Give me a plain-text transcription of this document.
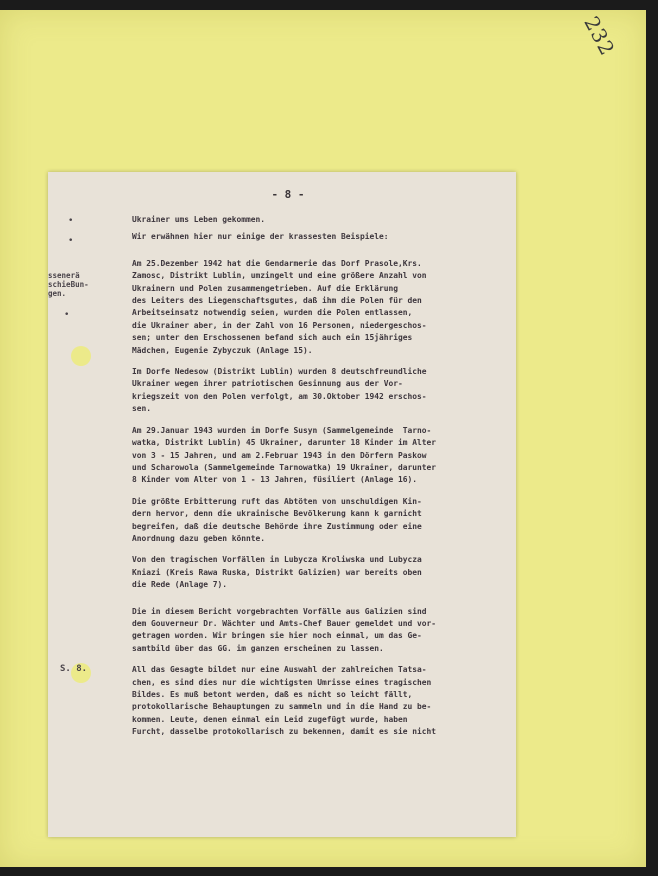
232
- 8 -
•
•
•
ssenerä
schieBun-
gen.
S. 8.

Ukrainer ums Leben gekommen.

Wir erwähnen hier nur einige der krassesten Beispiele:

Am 25.Dezember 1942 hat die Gendarmerie das Dorf Prasole,Krs.
Zamosc, Distrikt Lublin, umzingelt und eine größere Anzahl von
Ukrainern und Polen zusammengetrieben. Auf die Erklärung
des Leiters des Liegenschaftsgutes, daß ihm die Polen für den
Arbeitseinsatz notwendig seien, wurden die Polen entlassen,
die Ukrainer aber, in der Zahl von 16 Personen, niedergeschos-
sen; unter den Erschossenen befand sich auch ein 15jähriges
Mädchen, Eugenie Zybyczuk (Anlage 15).

Im Dorfe Nedesow (Distrikt Lublin) wurden 8 deutschfreundliche
Ukrainer wegen ihrer patriotischen Gesinnung aus der Vor-
kriegszeit von den Polen verfolgt, am 30.Oktober 1942 erschos-
sen.

Am 29.Januar 1943 wurden im Dorfe Susyn (Sammelgemeinde  Tarno-
watka, Distrikt Lublin) 45 Ukrainer, darunter 18 Kinder im Alter
von 3 - 15 Jahren, und am 2.Februar 1943 in den Dörfern Paskow
und Scharowola (Sammelgemeinde Tarnowatka) 19 Ukrainer, darunter
8 Kinder vom Alter von 1 - 13 Jahren, füsiliert (Anlage 16).

Die größte Erbitterung ruft das Abtöten von unschuldigen Kin-
dern hervor, denn die ukrainische Bevölkerung kann k garnicht
begreifen, daß die deutsche Behörde ihre Zustimmung oder eine
Anordnung dazu geben könnte.

Von den tragischen Vorfällen in Lubycza Kroliwska und Lubycza
Kniazi (Kreis Rawa Ruska, Distrikt Galizien) war bereits oben
die Rede (Anlage 7).

Die in diesem Bericht vorgebrachten Vorfälle aus Galizien sind
dem Gouverneur Dr. Wächter und Amts-Chef Bauer gemeldet und vor-
getragen worden. Wir bringen sie hier noch einmal, um das Ge-
samtbild über das GG. im ganzen erscheinen zu lassen.

All das Gesagte bildet nur eine Auswahl der zahlreichen Tatsa-
chen, es sind dies nur die wichtigsten Umrisse eines tragischen
Bildes. Es muß betont werden, daß es nicht so leicht fällt,
protokollarische Behauptungen zu sammeln und in die Hand zu be-
kommen. Leute, denen einmal ein Leid zugefügt wurde, haben
Furcht, dasselbe protokollarisch zu bekennen, damit es sie nicht
